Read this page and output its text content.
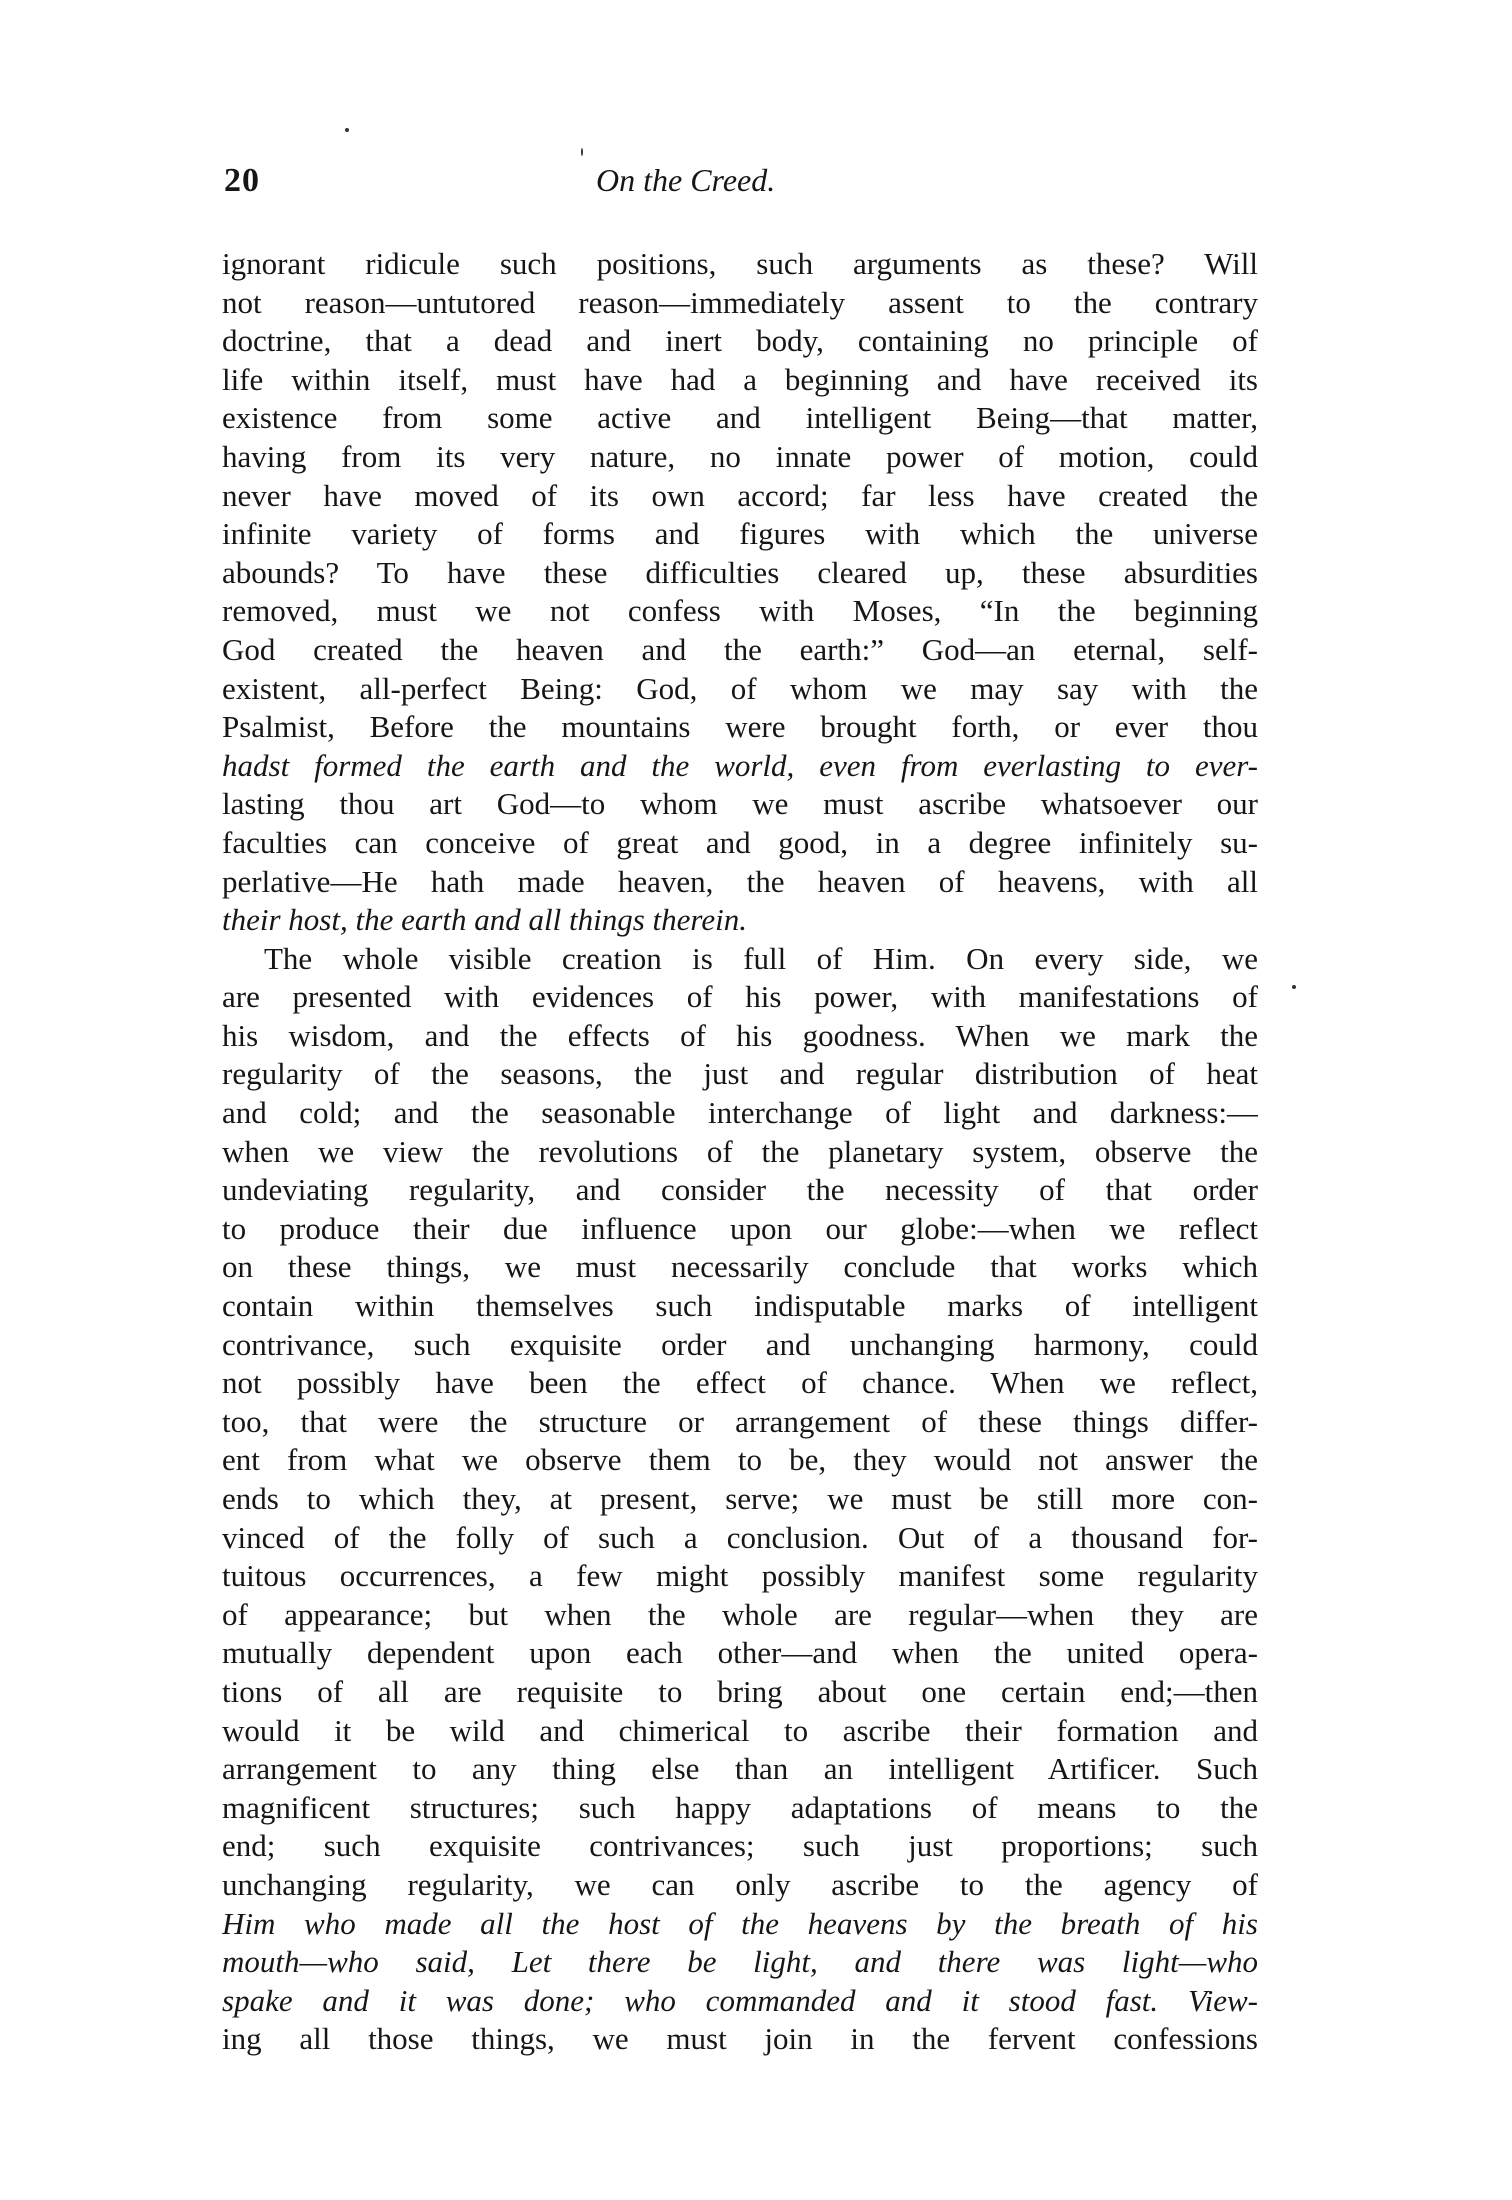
20	On the Creed.
ignorant ridicule such positions, such arguments as these? Will
not reason—untutored reason—immediately assent to the contrary
doctrine, that a dead and inert body, containing no principle of
life within itself, must have had a beginning and have received its
existence from some active and intelligent Being—that matter,
having from its very nature, no innate power of motion, could
never have moved of its own accord; far less have created the
infinite variety of forms and figures with which the universe
abounds? To have these difficulties cleared up, these absurdities
removed, must we not confess with Moses, “In the beginning
God created the heaven and the earth:” God—an eternal, self-
existent, all-perfect Being: God, of whom we may say with the
Psalmist, Before the mountains were brought forth, or ever thou
hadst formed the earth and the world, even from everlasting to ever-
lasting thou art God—to whom we must ascribe whatsoever our
faculties can conceive of great and good, in a degree infinitely su-
perlative—He hath made heaven, the heaven of heavens, with all
their host, the earth and all things therein.
The whole visible creation is full of Him. On every side, we
are presented with evidences of his power, with manifestations of
his wisdom, and the effects of his goodness. When we mark the
regularity of the seasons, the just and regular distribution of heat
and cold; and the seasonable interchange of light and darkness:—
when we view the revolutions of the planetary system, observe the
undeviating regularity, and consider the necessity of that order
to produce their due influence upon our globe:—when we reflect
on these things, we must necessarily conclude that works which
contain within themselves such indisputable marks of intelligent
contrivance, such exquisite order and unchanging harmony, could
not possibly have been the effect of chance. When we reflect,
too, that were the structure or arrangement of these things differ-
ent from what we observe them to be, they would not answer the
ends to which they, at present, serve; we must be still more con-
vinced of the folly of such a conclusion. Out of a thousand for-
tuitous occurrences, a few might possibly manifest some regularity
of appearance; but when the whole are regular—when they are
mutually dependent upon each other—and when the united opera-
tions of all are requisite to bring about one certain end;—then
would it be wild and chimerical to ascribe their formation and
arrangement to any thing else than an intelligent Artificer. Such
magnificent structures; such happy adaptations of means to the
end; such exquisite contrivances; such just proportions; such
unchanging regularity, we can only ascribe to the agency of
Him who made all the host of the heavens by the breath of his
mouth—who said, Let there be light, and there was light—who
spake and it was done; who commanded and it stood fast. View-
ing all those things, we must join in the fervent confessions
